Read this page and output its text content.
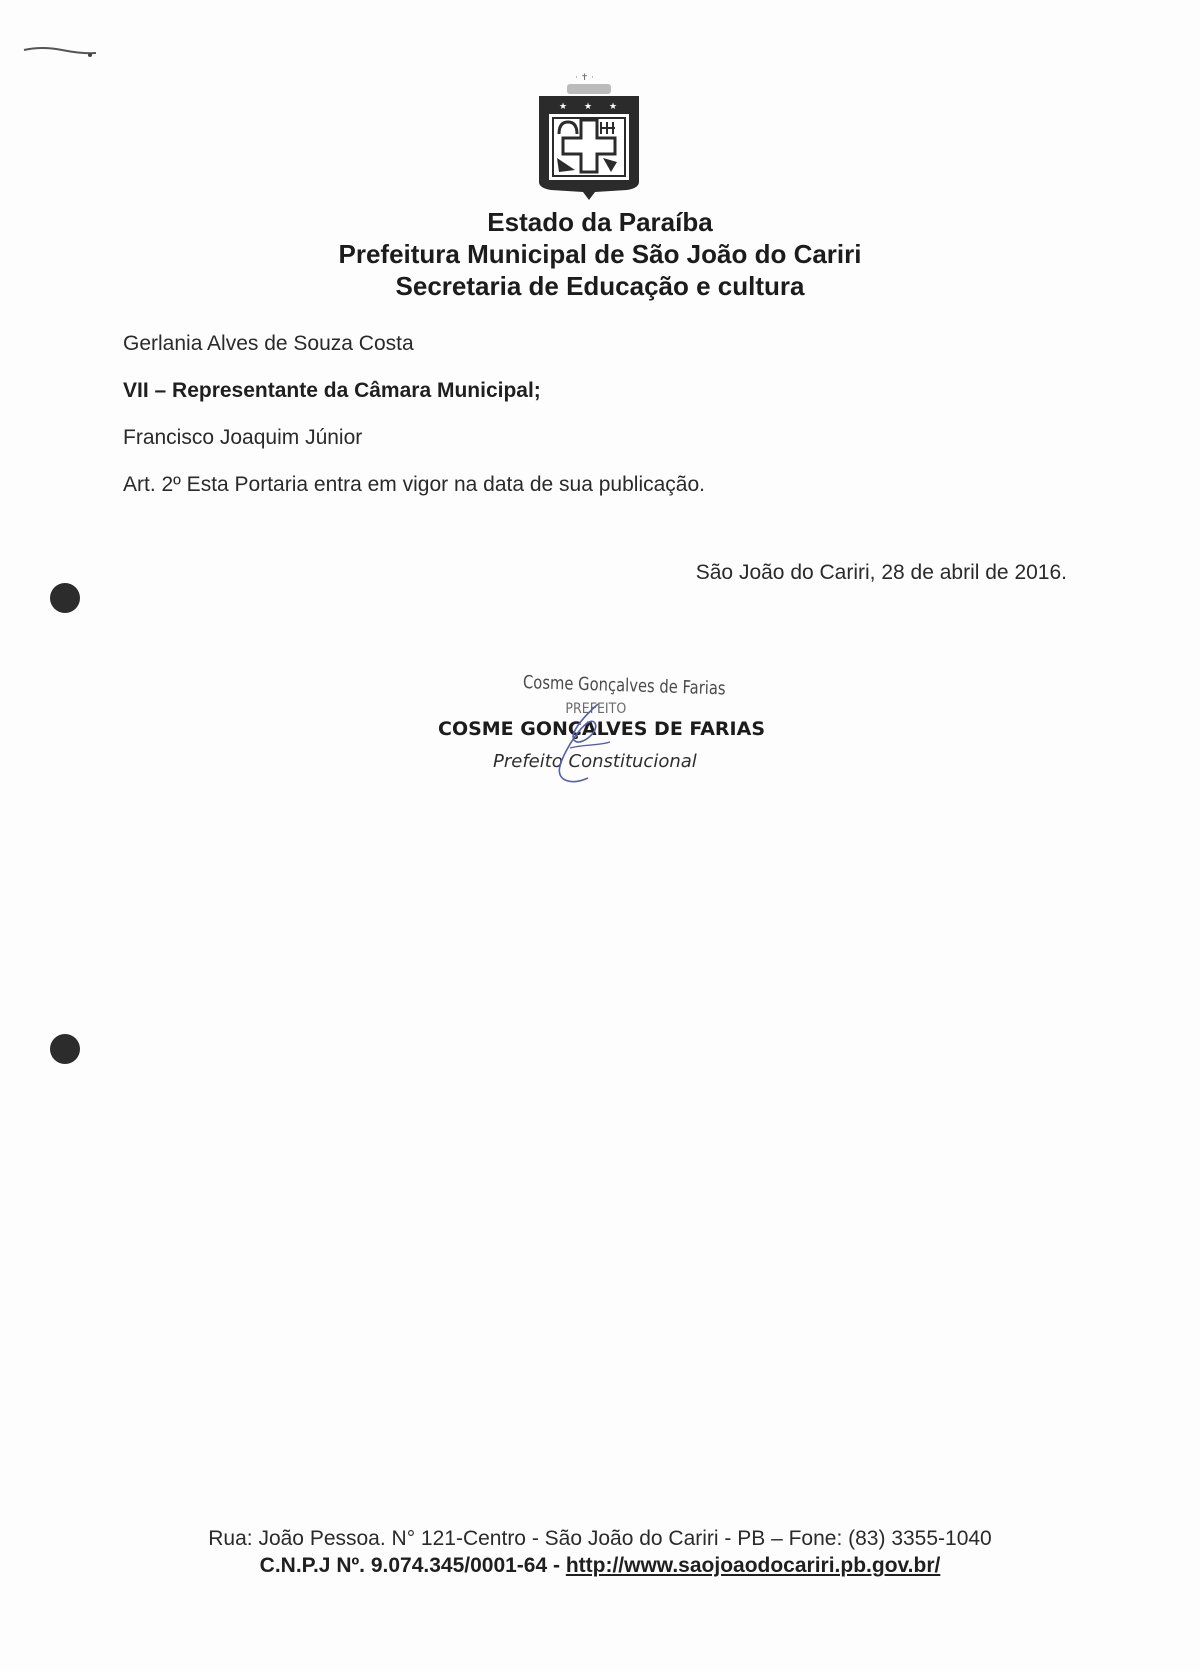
· ✝ ·
★ ★ ★
Estado da Paraíba
Prefeitura Municipal de São João do Cariri
Secretaria de Educação e cultura
Gerlania Alves de Souza Costa
VII – Representante da Câmara Municipal;
Francisco Joaquim Júnior
Art. 2º Esta Portaria entra em vigor na data de sua publicação.
São João do Cariri, 28 de abril de 2016.
Cosme Gonçalves de Farias
PREFEITO
COSME GONÇALVES DE FARIAS
Prefeito Constitucional
Rua: João Pessoa. N° 121-Centro - São João do Cariri - PB – Fone: (83) 3355-1040
C.N.P.J Nº. 9.074.345/0001-64 - http://www.saojoaodocariri.pb.gov.br/
